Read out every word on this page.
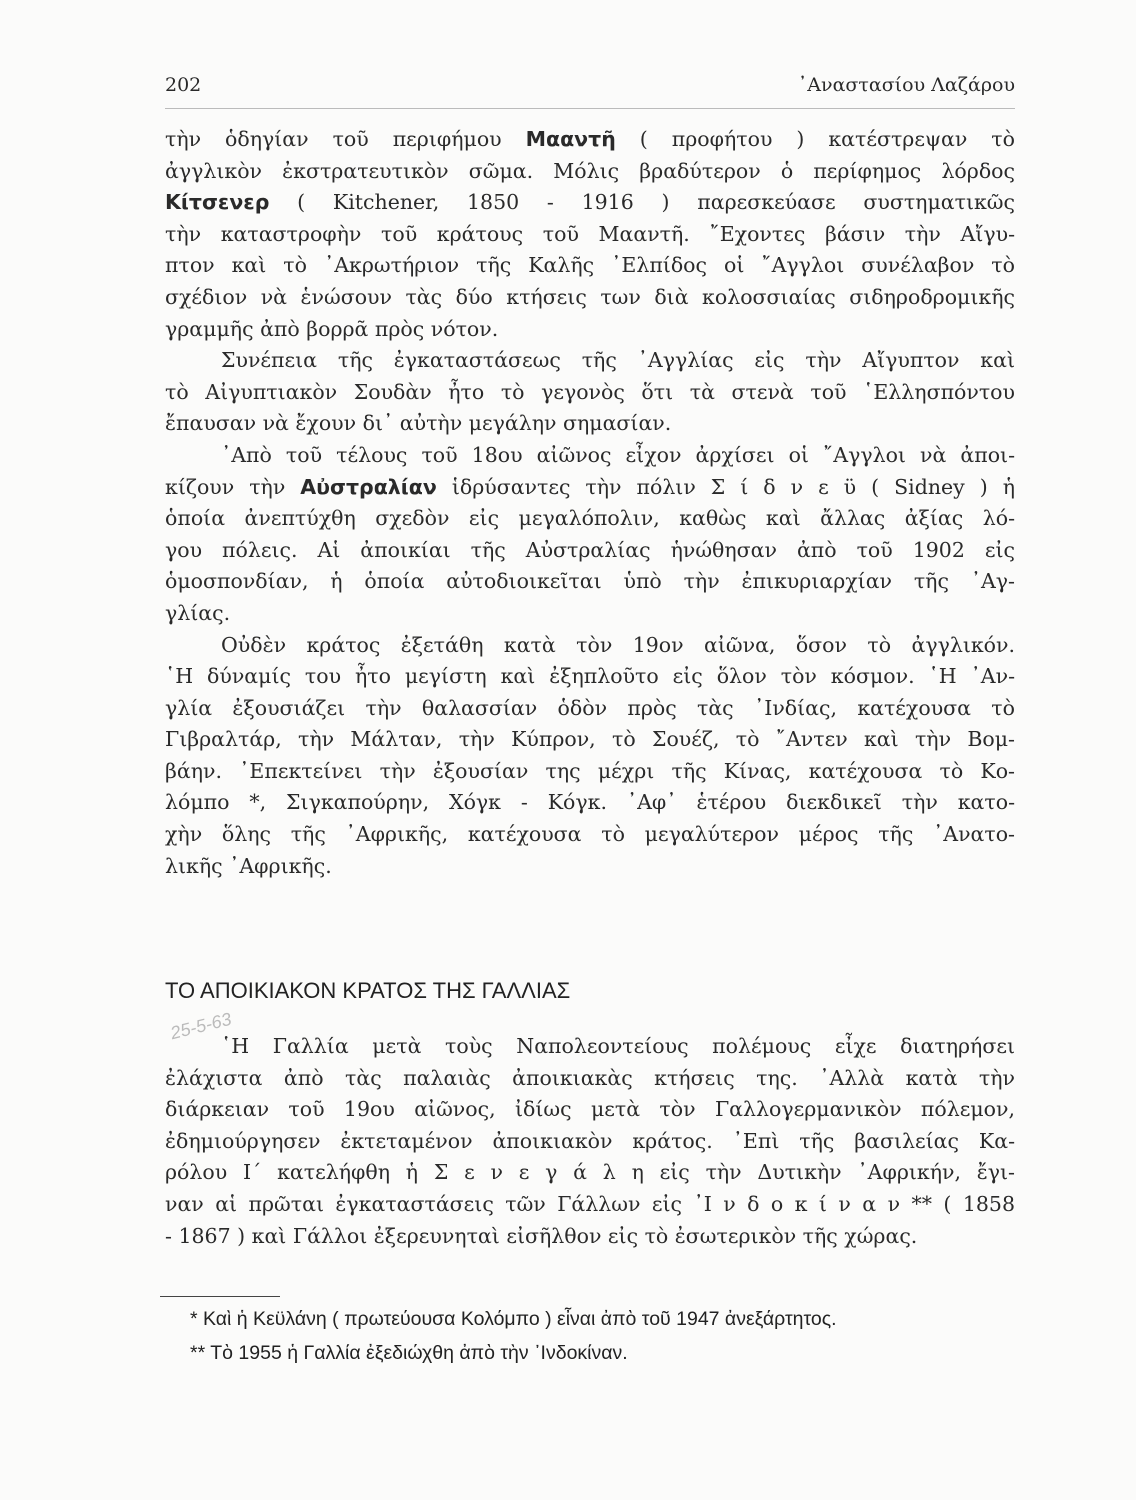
202	᾿Αναστασίου Λαζάρου
τὴν ὁδηγίαν τοῦ περιφήμου Μααντῆ ( προφήτου ) κατέστρεψαν τὸ
ἀγγλικὸν ἐκστρατευτικὸν σῶμα. Μόλις βραδύτερον ὁ περίφημος λόρδος
Κίτσενερ ( Kitchener, 1850 - 1916 ) παρεσκεύασε συστηματικῶς
τὴν καταστροφὴν τοῦ κράτους τοῦ Μααντῆ. ῎Εχοντες βάσιν τὴν Αἴγυ-
πτον καὶ τὸ ᾿Ακρωτήριον τῆς Καλῆς ᾿Ελπίδος οἱ ῎Αγγλοι συνέλαβον τὸ
σχέδιον νὰ ἑνώσουν τὰς δύο κτήσεις των διὰ κολοσσιαίας σιδηροδρομικῆς
γραμμῆς ἀπὸ βορρᾶ πρὸς νότον.
Συνέπεια τῆς ἐγκαταστάσεως τῆς ᾿Αγγλίας εἰς τὴν Αἴγυπτον καὶ
τὸ Αἰγυπτιακὸν Σουδὰν ἦτο τὸ γεγονὸς ὅτι τὰ στενὰ τοῦ ῾Ελλησπόντου
ἔπαυσαν νὰ ἔχουν δι᾿ αὐτὴν μεγάλην σημασίαν.
᾿Απὸ τοῦ τέλους τοῦ 18ου αἰῶνος εἶχον ἀρχίσει οἱ ῎Αγγλοι νὰ ἀποι-
κίζουν τὴν Αὐστραλίαν ἱδρύσαντες τὴν πόλιν Σ ί δ ν ε ϋ ( Sidney ) ἡ
ὁποία ἀνεπτύχθη σχεδὸν εἰς μεγαλόπολιν, καθὼς καὶ ἄλλας ἀξίας λό-
γου πόλεις. Αἱ ἀποικίαι τῆς Αὐστραλίας ἡνώθησαν ἀπὸ τοῦ 1902 εἰς
ὁμοσπονδίαν, ἡ ὁποία αὐτοδιοικεῖται ὑπὸ τὴν ἐπικυριαρχίαν τῆς ᾿Αγ-
γλίας.
Οὐδὲν κράτος ἐξετάθη κατὰ τὸν 19ον αἰῶνα, ὅσον τὸ ἀγγλικόν.
῾Η δύναμίς του ἦτο μεγίστη καὶ ἐξηπλοῦτο εἰς ὅλον τὸν κόσμον. ῾Η ᾿Αν-
γλία ἐξουσιάζει τὴν θαλασσίαν ὁδὸν πρὸς τὰς ᾿Ινδίας, κατέχουσα τὸ
Γιβραλτάρ, τὴν Μάλταν, τὴν Κύπρον, τὸ Σουέζ, τὸ ῎Αντεν καὶ τὴν Βομ-
βάην. ᾿Επεκτείνει τὴν ἐξουσίαν της μέχρι τῆς Κίνας, κατέχουσα τὸ Κο-
λόμπο *, Σιγκαπούρην, Χόγκ - Κόγκ. ᾿Αφ᾿ ἑτέρου διεκδικεῖ τὴν κατο-
χὴν ὅλης τῆς ᾿Αφρικῆς, κατέχουσα τὸ μεγαλύτερον μέρος τῆς ᾿Ανατο-
λικῆς ᾿Αφρικῆς.
ΤΟ ΑΠΟΙΚΙΑΚΟΝ ΚΡΑΤΟΣ ΤΗΣ ΓΑΛΛΙΑΣ
25-5-63
῾Η Γαλλία μετὰ τοὺς Ναπολεοντείους πολέμους εἶχε διατηρήσει
ἐλάχιστα ἀπὸ τὰς παλαιὰς ἀποικιακὰς κτήσεις της. ᾿Αλλὰ κατὰ τὴν
διάρκειαν τοῦ 19ου αἰῶνος, ἰδίως μετὰ τὸν Γαλλογερμανικὸν πόλεμον,
ἐδημιούργησεν ἐκτεταμένον ἀποικιακὸν κράτος. ᾿Επὶ τῆς βασιλείας Κα-
ρόλου Ι΄ κατελήφθη ἡ Σ ε ν ε γ ά λ η εἰς τὴν Δυτικὴν ᾿Αφρικήν, ἔγι-
ναν αἱ πρῶται ἐγκαταστάσεις τῶν Γάλλων εἰς ᾿Ι ν δ ο κ ί ν α ν ** ( 1858
- 1867 ) καὶ Γάλλοι ἐξερευνηταὶ εἰσῆλθον εἰς τὸ ἐσωτερικὸν τῆς χώρας.
* Καὶ ἡ Κεϋλάνη ( πρωτεύουσα Κολόμπο ) εἶναι ἀπὸ τοῦ 1947 ἀνεξάρτητος.
** Τὸ 1955 ἡ Γαλλία ἐξεδιώχθη ἀπὸ τὴν ᾿Ινδοκίναν.
